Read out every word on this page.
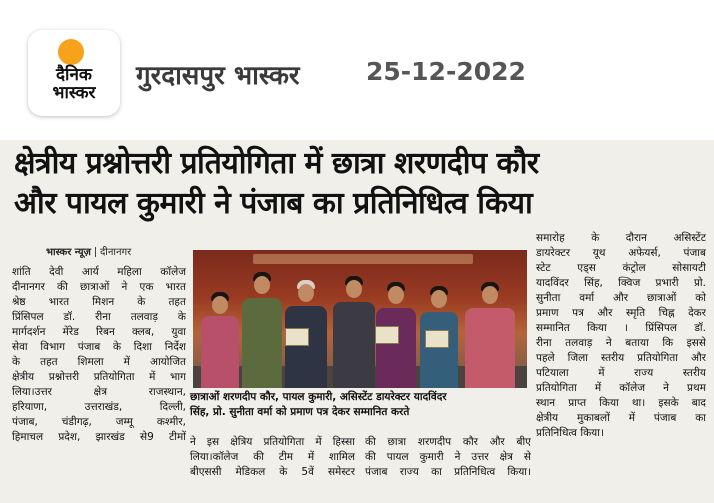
दैनिक
भास्कर
गुरदासपुर भास्कर	25-12-2022
क्षेत्रीय प्रश्नोत्तरी प्रतियोगिता में छात्रा शरणदीप कौर
और पायल कुमारी ने पंजाब का प्रतिनिधित्व किया
भास्कर न्यूज़ दीनानगर
शांति देवी आर्य महिला कॉलेज
दीनानगर की छात्राओं ने एक भारत
श्रेष्ठ भारत मिशन के तहत
प्रिंसिपल डॉ. रीना तलवाड़ के
मार्गदर्शन मेंरेड रिबन क्लब, युवा
सेवा विभाग पंजाब के दिशा निर्देश
के तहत शिमला में आयोजित
क्षेत्रीय प्रश्नोत्तरी प्रतियोगिता में भाग
लिया।उत्तर क्षेत्र राजस्थान,
हरियाणा, उत्तराखंड, दिल्ली,
पंजाब, चंडीगढ़, जम्मू कश्मीर,
हिमाचल प्रदेश, झारखंड से9 टीमों
छात्राओं शरणदीप कौर, पायल कुमारी, असिस्टेंट डायरेक्टर यादविंदर
सिंह, प्रो. सुनीता वर्मा को प्रमाण पत्र देकर सम्मानित करते
ने इस क्षेत्रिय प्रतियोगिता में हिस्सा
लिया।कॉलेज की टीम में शामिल
बीएससी मेडिकल के 5वें समेस्टर
की छात्रा शरणदीप कौर और बीए
की पायल कुमारी ने उत्तर क्षेत्र से
पंजाब राज्य का प्रतिनिधित्व किया।
समारोह के दौरान असिस्टेंट
डायरेक्टर यूथ अफेयर्स, पंजाब
स्टेट एड्स कंट्रोल सोसायटी
यादविंदर सिंह, क्विज प्रभारी प्रो.
सुनीता वर्मा और छात्राओं को
प्रमाण पत्र और स्मृति चिह्न देकर
सम्मानित किया । प्रिंसिपल डॉ.
रीना तलवाड़ ने बताया कि इससे
पहले जिला स्तरीय प्रतियोगिता और
पटियाला में राज्य स्तरीय
प्रतियोगिता में कॉलेज ने प्रथम
स्थान प्राप्त किया था। इसके बाद
क्षेत्रीय मुकाबलों में पंजाब का
प्रतिनिधित्व किया।
